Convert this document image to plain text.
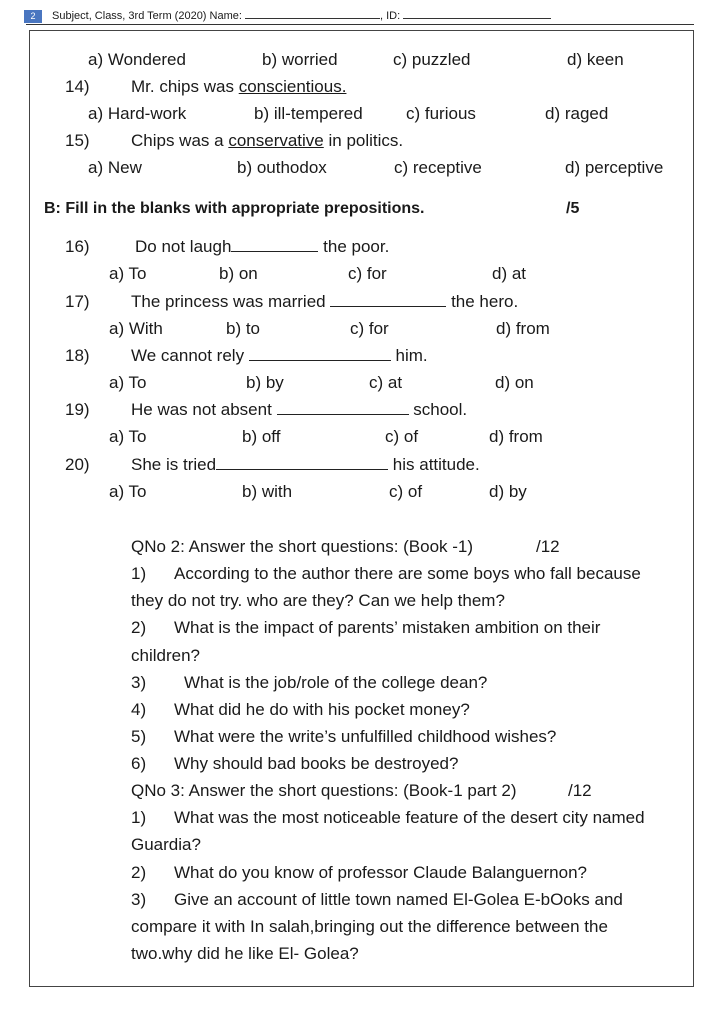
2	Subject, Class, 3rd Term (2020) Name:	, ID:
a) Wondered	b) worried	c) puzzled	d) keen
14) Mr. chips was conscientious.
a) Hard-work	b) ill-tempered	c) furious	d) raged
15) Chips was a conservative in politics.
a) New	b) outhodox	c) receptive	d) perceptive
B: Fill in the blanks with appropriate prepositions.	/5
16)	Do not laugh	the poor.
a) To	b) on	c) for	d) at
17) The princess was married	the hero.
a) With	b) to	c) for	d) from
18) We cannot rely	him.
a) To	b) by	c) at	d) on
19) He was not absent	school.
a) To	b) off	c) of	d) from
20) She is tried	his attitude.
a) To	b) with	c) of	d) by
QNo 2: Answer the short questions: (Book -1)	/12
1) According to the author there are some boys who fall because
they do not try. who are they? Can we help them?
2) What is the impact of parents’ mistaken ambition on their
children?
3) What is the job/role of the college dean?
4) What did he do with his pocket money?
5) What were the write’s unfulfilled childhood wishes?
6) Why should bad books be destroyed?
QNo 3: Answer the short questions: (Book-1 part 2)	/12
1) What was the most noticeable feature of the desert city named
Guardia?
2) What do you know of professor Claude Balanguernon?
3) Give an account of little town named El-Golea E-bOoks and
compare it with In salah,bringing out the difference between the
two.why did he like El- Golea?
